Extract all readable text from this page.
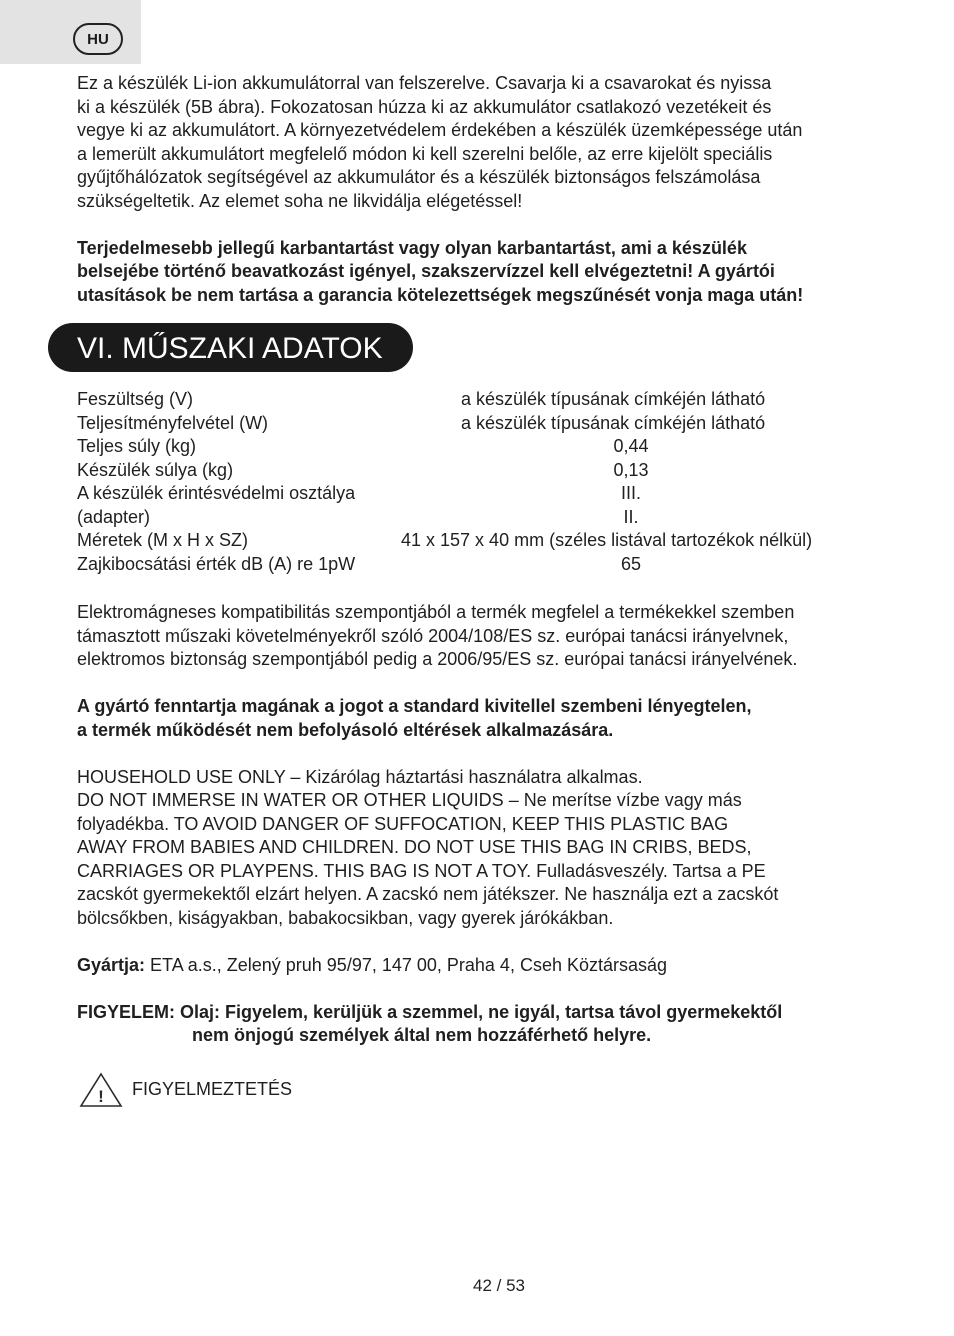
HU

Ez a készülék Li-ion akkumulátorral van felszerelve. Csavarja ki a csavarokat és nyissa
ki a készülék (5B ábra). Fokozatosan húzza ki az akkumulátor csatlakozó vezetékeit és
vegye ki az akkumulátort. A környezetvédelem érdekében a készülék üzemképessége után
a lemerült akkumulátort megfelelő módon ki kell szerelni belőle, az erre kijelölt speciális
gyűjtőhálózatok segítségével az akkumulátor és a készülék biztonságos felszámolása
szükségeltetik. Az elemet soha ne likvidálja elégetéssel!

Terjedelmesebb jellegű karbantartást vagy olyan karbantartást, ami a készülék
belsejébe történő beavatkozást igényel, szakszervízzel kell elvégeztetni! A gyártói
utasítások be nem tartása a garancia kötelezettségek megszűnését vonja maga után!

VI. MŰSZAKI ADATOK
Feszültség (V)	a készülék típusának címkéjén látható
Teljesítményfelvétel (W)	a készülék típusának címkéjén látható
Teljes súly (kg)	0,44
Készülék súlya (kg)	0,13
A készülék érintésvédelmi osztálya	III.
(adapter)	II.
Méretek (M x H x SZ)	41 x 157 x 40 mm (széles listával tartozékok nélkül)
Zajkibocsátási érték dB (A) re 1pW	65

Elektromágneses kompatibilitás szempontjából a termék megfelel a termékekkel szemben
támasztott műszaki követelményekről szóló 2004/108/ES sz. európai tanácsi irányelvnek,
elektromos biztonság szempontjából pedig a 2006/95/ES sz. európai tanácsi irányelvének.

A gyártó fenntartja magának a jogot a standard kivitellel szembeni lényegtelen,
a termék működését nem befolyásoló eltérések alkalmazására.

HOUSEHOLD USE ONLY – Kizárólag háztartási használatra alkalmas.
DO NOT IMMERSE IN WATER OR OTHER LIQUIDS – Ne merítse vízbe vagy más
folyadékba. TO AVOID DANGER OF SUFFOCATION, KEEP THIS PLASTIC BAG
AWAY FROM BABIES AND CHILDREN. DO NOT USE THIS BAG IN CRIBS, BEDS,
CARRIAGES OR PLAYPENS. THIS BAG IS NOT A TOY. Fulladásveszély. Tartsa a PE
zacskót gyermekektől elzárt helyen. A zacskó nem játékszer. Ne használja ezt a zacskót
bölcsőkben, kiságyakban, babakocsikban, vagy gyerek járókákban.

Gyártja: ETA a.s., Zelený pruh 95/97, 147 00, Praha 4, Cseh Köztársaság

FIGYELEM: Olaj: Figyelem, kerüljük a szemmel, ne igyál, tartsa távol gyermekektől
nem önjogú személyek által nem hozzáférhető helyre.

! FIGYELMEZTETÉS
42 / 53
